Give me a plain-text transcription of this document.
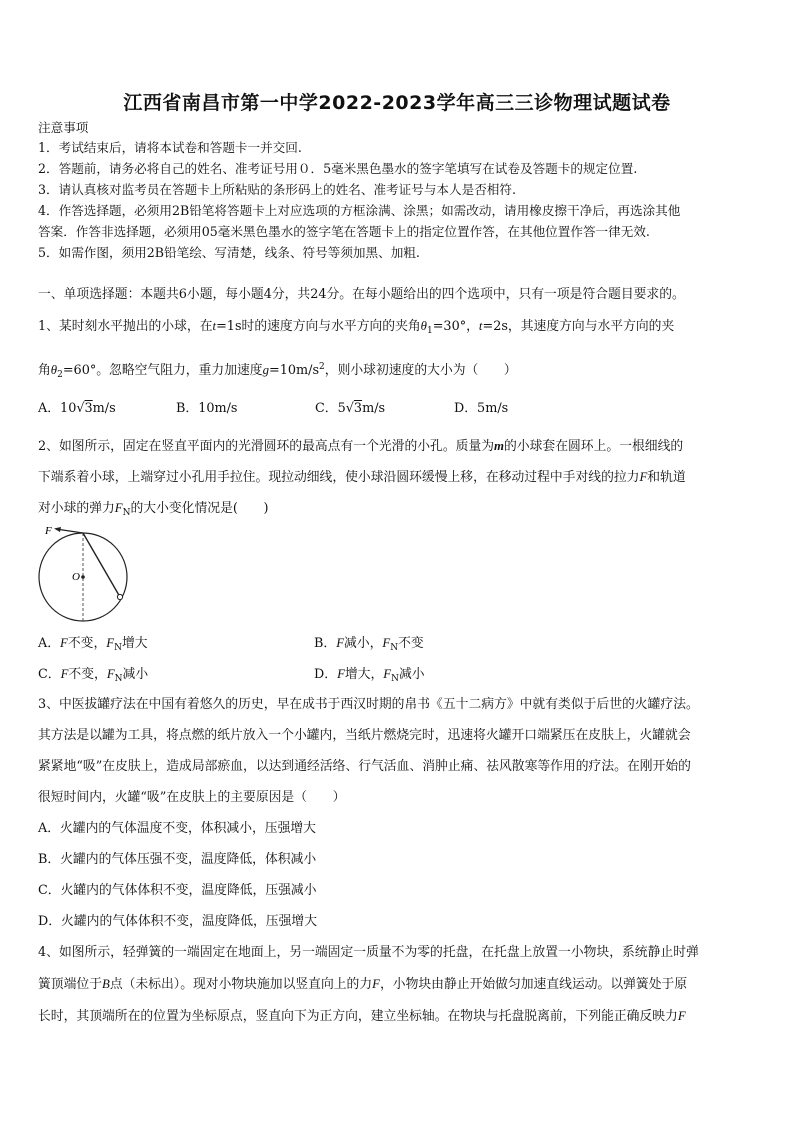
江西省南昌市第一中学2022-2023学年高三三诊物理试题试卷
注意事项
1．考试结束后，请将本试卷和答题卡一并交回.
2．答题前，请务必将自己的姓名、准考证号用０．5毫米黑色墨水的签字笔填写在试卷及答题卡的规定位置.
3．请认真核对监考员在答题卡上所粘贴的条形码上的姓名、准考证号与本人是否相符.
4．作答选择题，必须用2B铅笔将答题卡上对应选项的方框涂满、涂黑；如需改动，请用橡皮擦干净后，再选涂其他
答案．作答非选择题，必须用05毫米黑色墨水的签字笔在答题卡上的指定位置作答，在其他位置作答一律无效.
5．如需作图，须用2B铅笔绘、写清楚，线条、符号等须加黑、加粗.
一、单项选择题：本题共6小题，每小题4分，共24分。在每小题给出的四个选项中，只有一项是符合题目要求的。
1、某时刻水平抛出的小球，在t=1s时的速度方向与水平方向的夹角$\theta_1=30^\circ$，t=2s，其速度方向与水平方向的夹
角$\theta_2=60^\circ$。忽略空气阻力，重力加速度$g=10m/s^2$，则小球初速度的大小为（　　）
A．10√3m/s	B．10m/s	C．5√3m/s	D．5m/s
2、如图所示，固定在竖直平面内的光滑圆环的最高点有一个光滑的小孔。质量为m的小球套在圆环上。一根细线的
下端系着小球，上端穿过小孔用手拉住。现拉动细线，使小球沿圆环缓慢上移，在移动过程中手对线的拉力F和轨道
对小球的弹力$F_N$的大小变化情况是(　　)
F
O
A．F不变，$F_N$增大	B．F减小，$F_N$不变
C．F不变，$F_N$减小	D．F增大，$F_N$减小
3、中医拔罐疗法在中国有着悠久的历史，早在成书于西汉时期的帛书《五十二病方》中就有类似于后世的火罐疗法。
其方法是以罐为工具，将点燃的纸片放入一个小罐内，当纸片燃烧完时，迅速将火罐开口端紧压在皮肤上，火罐就会
紧紧地“吸”在皮肤上，造成局部瘀血，以达到通经活络、行气活血、消肿止痛、祛风散寒等作用的疗法。在刚开始的
很短时间内，火罐“吸”在皮肤上的主要原因是（　　）
A．火罐内的气体温度不变，体积减小，压强增大
B．火罐内的气体压强不变，温度降低，体积减小
C．火罐内的气体体积不变，温度降低，压强减小
D．火罐内的气体体积不变，温度降低，压强增大
4、如图所示，轻弹簧的一端固定在地面上，另一端固定一质量不为零的托盘，在托盘上放置一小物块，系统静止时弹
簧顶端位于B点（未标出）。现对小物块施加以竖直向上的力F，小物块由静止开始做匀加速直线运动。以弹簧处于原
长时，其顶端所在的位置为坐标原点，竖直向下为正方向，建立坐标轴。在物块与托盘脱离前，下列能正确反映力F
